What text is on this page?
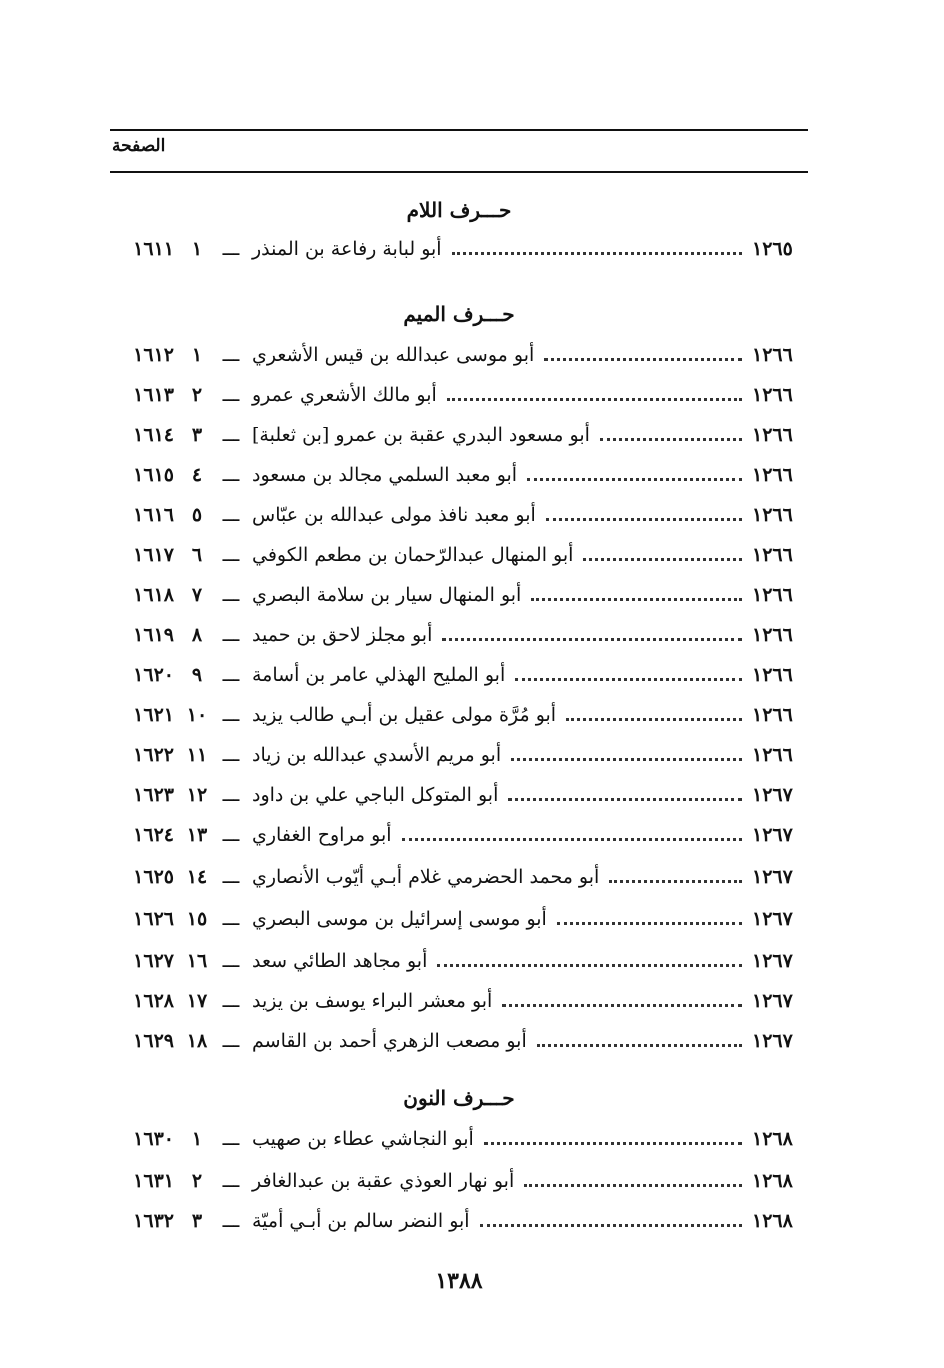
الصفحة
حـــرف اللام
١٦١١ ١	ـــ أبو لبابة رفاعة بن المنذر	١٢٦٥
حـــرف الميم
١٦١٢ ١	ـــ أبو موسى عبدالله بن قيس الأشعري	١٢٦٦
١٦١٣ ٢	ـــ أبو مالك الأشعري عمرو	١٢٦٦
١٦١٤ ٣	ـــ أبو مسعود البدري عقبة بن عمرو [بن ثعلبة]	١٢٦٦
١٦١٥ ٤	ـــ أبو معبد السلمي مجالد بن مسعود	١٢٦٦
١٦١٦ ٥	ـــ أبو معبد نافذ مولى عبدالله بن عبّاس	١٢٦٦
١٦١٧ ٦	ـــ أبو المنهال عبدالرّحمان بن مطعم الكوفي	١٢٦٦
١٦١٨ ٧	ـــ أبو المنهال سيار بن سلامة البصري	١٢٦٦
١٦١٩ ٨	ـــ أبو مجلز لاحق بن حميد	١٢٦٦
١٦٢٠ ٩	ـــ أبو المليح الهذلي عامر بن أسامة	١٢٦٦
١٦٢١ ١٠ ـــ أبو مُرَّة مولى عقيل بن أبـي طالب يزيد	١٢٦٦
١٦٢٢ ١١ ـــ أبو مريم الأسدي عبدالله بن زياد	١٢٦٦
١٦٢٣ ١٢ ـــ أبو المتوكل الباجي علي بن داود	١٢٦٧
١٦٢٤ ١٣ ـــ أبو مراوح الغفاري	١٢٦٧
١٦٢٥ ١٤ ـــ أبو محمد الحضرمي غلام أبـي أيّوب الأنصاري	١٢٦٧
١٦٢٦ ١٥ ـــ أبو موسى إسرائيل بن موسى البصري	١٢٦٧
١٦٢٧ ١٦ ـــ أبو مجاهد الطائي سعد	١٢٦٧
١٦٢٨ ١٧ ـــ أبو معشر البراء يوسف بن يزيد	١٢٦٧
١٦٢٩ ١٨ ـــ أبو مصعب الزهري أحمد بن القاسم	١٢٦٧
حـــرف النون
١٦٣٠ ١	ـــ أبو النجاشي عطاء بن صهيب	١٢٦٨
١٦٣١ ٢	ـــ أبو نهار العوذي عقبة بن عبدالغافر	١٢٦٨
١٦٣٢ ٣	ـــ أبو النضر سالم بن أبـي أميّة	١٢٦٨
١٣٨٨
